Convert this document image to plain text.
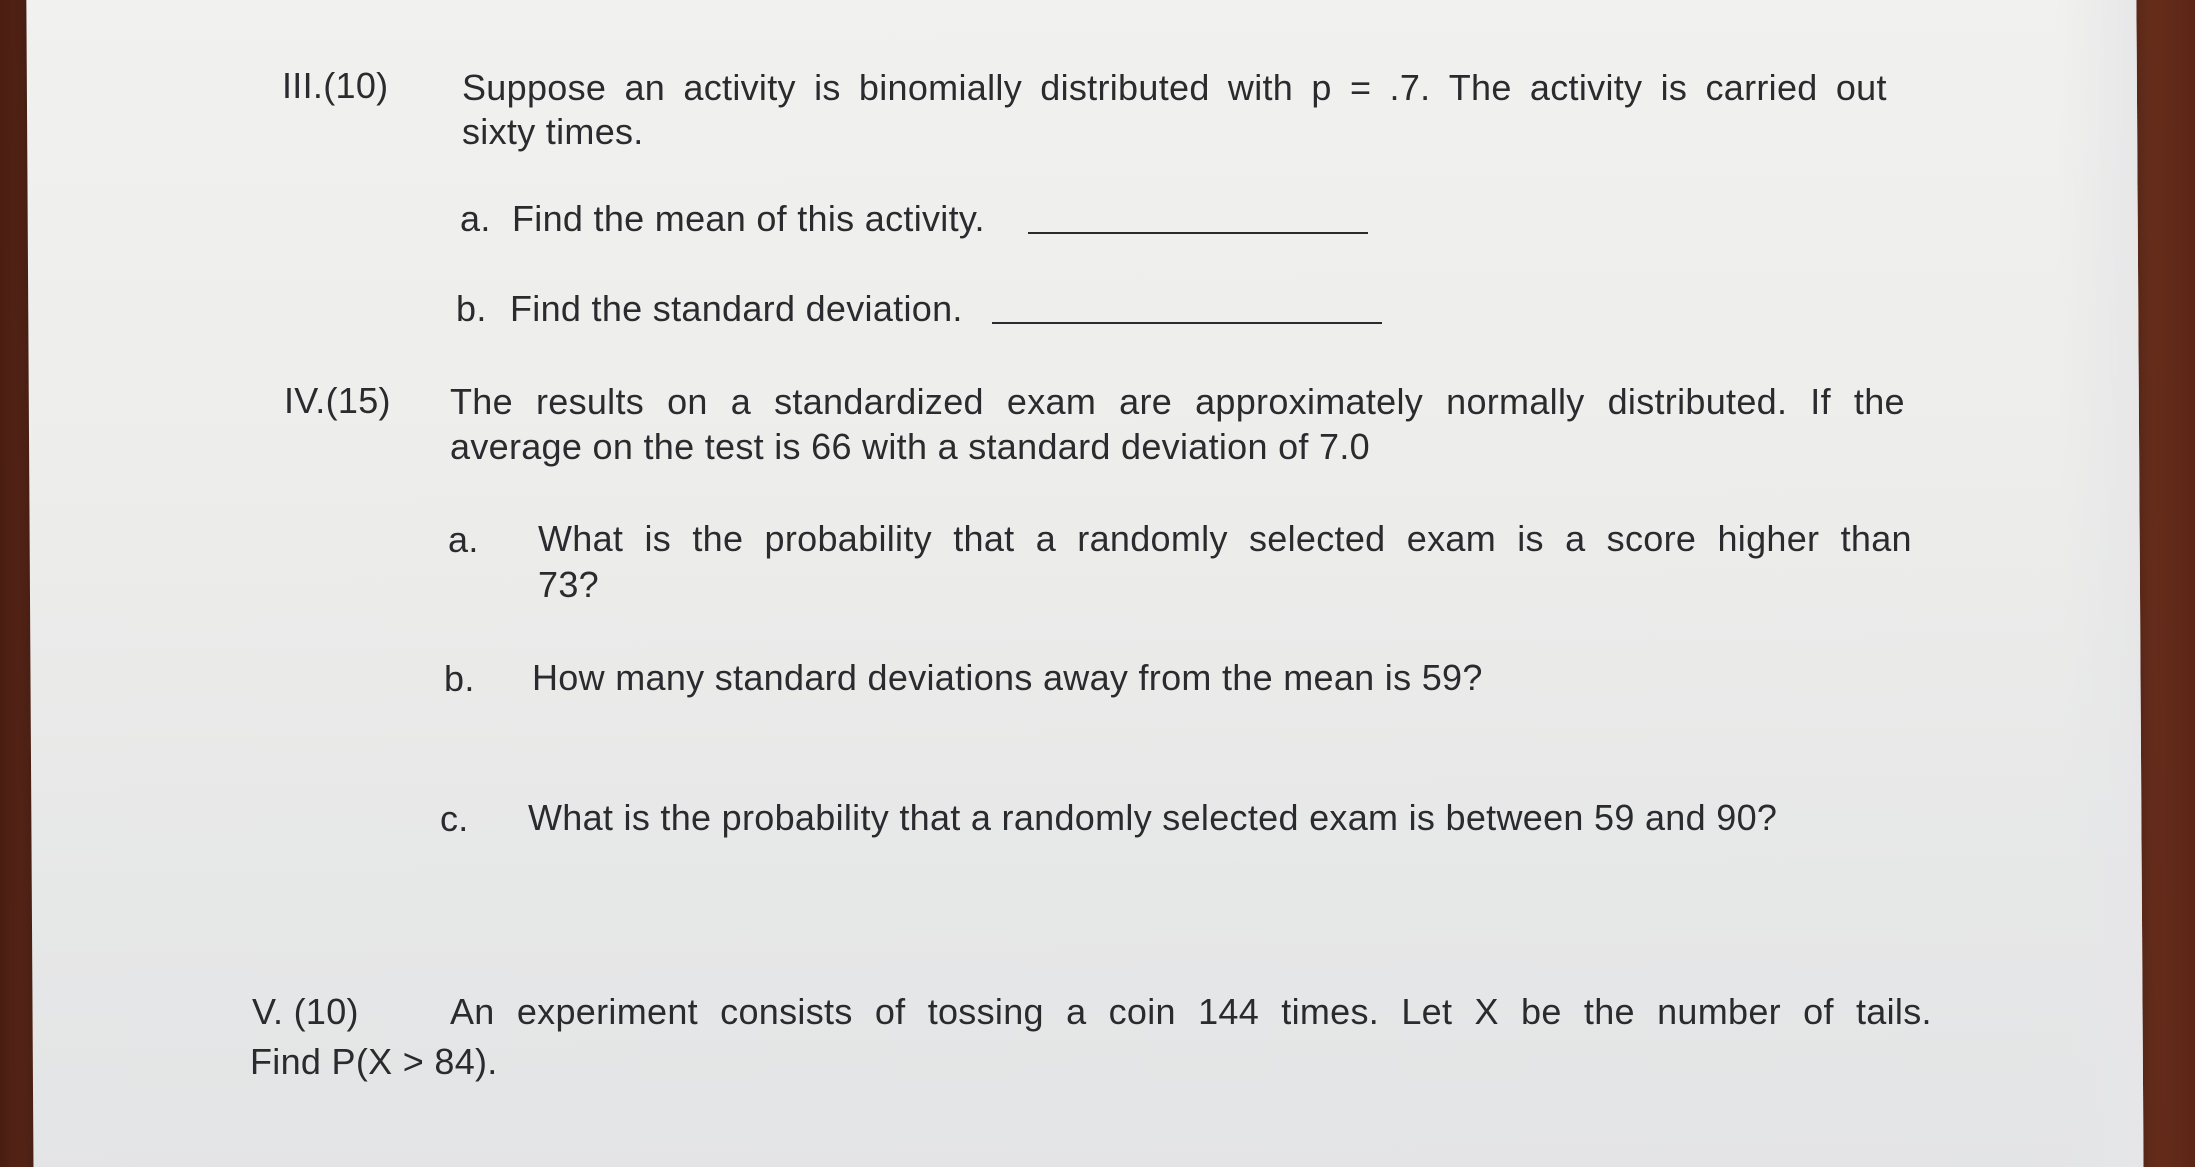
III.(10) Suppose an activity is binomially distributed with p = .7. The activity is carried out
sixty times.
a. Find the mean of this activity.
b. Find the standard deviation.
IV.(15) The results on a standardized exam are approximately normally distributed. If the
average on the test is 66 with a standard deviation of 7.0
a. What is the probability that a randomly selected exam is a score higher than
73?
b. How many standard deviations away from the mean is 59?
c. What is the probability that a randomly selected exam is between 59 and 90?
V. (10)	An experiment consists of tossing a coin 144 times. Let X be the number of tails.
Find P(X > 84).
